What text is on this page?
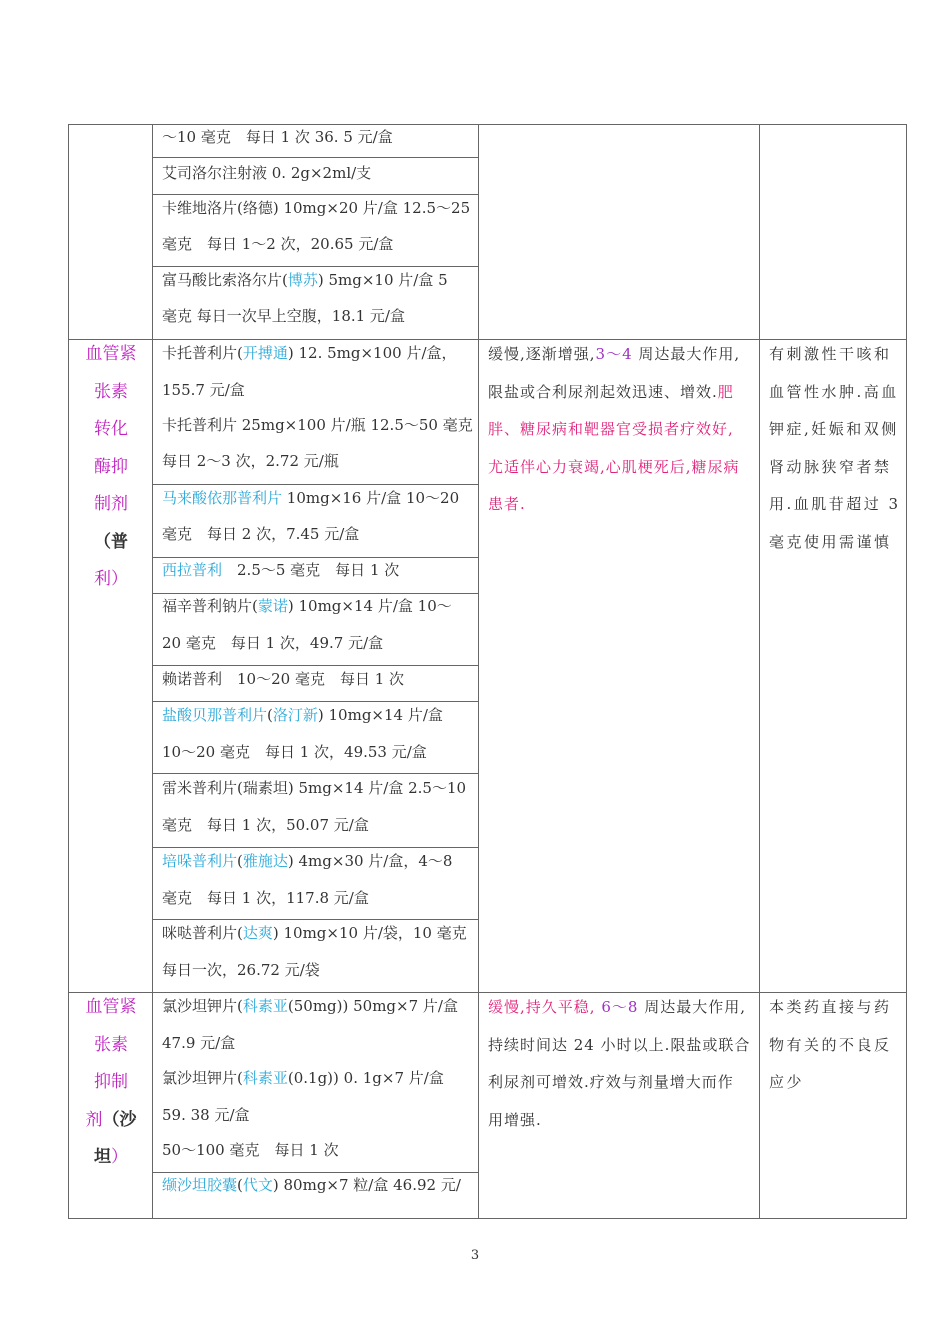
～10 毫克　每日 1 次 36. 5 元/盒
艾司洛尔注射液 0. 2g×2ml/支
卡维地洛片(络德) 10mg×20 片/盒 12.5～25
毫克　每日 1～2 次，20.65 元/盒
富马酸比索洛尔片(博苏) 5mg×10 片/盒 5
毫克 每日一次早上空腹，18.1 元/盒
血管紧
张素
转化
酶抑
制剂
（普
利）
卡托普利片(开搏通) 12. 5mg×100 片/盒，
155.7 元/盒
卡托普利片 25mg×100 片/瓶 12.5～50 毫克
每日 2～3 次，2.72 元/瓶
马来酸依那普利片 10mg×16 片/盒 10～20
毫克　每日 2 次，7.45 元/盒
西拉普利　2.5～5 毫克　每日 1 次
福辛普利钠片(蒙诺) 10mg×14 片/盒 10～
20 毫克　每日 1 次，49.7 元/盒
赖诺普利　10～20 毫克　每日 1 次
盐酸贝那普利片(洛汀新) 10mg×14 片/盒
10～20 毫克　每日 1 次，49.53 元/盒
雷米普利片(瑞素坦) 5mg×14 片/盒 2.5～10
毫克　每日 1 次，50.07 元/盒
培哚普利片(雅施达) 4mg×30 片/盒，4～8
毫克　每日 1 次，117.8 元/盒
咪哒普利片(达爽) 10mg×10 片/袋，10 毫克
每日一次，26.72 元/袋
缓慢,逐渐增强,3～4 周达最大作用,
限盐或合利尿剂起效迅速、增效.肥
胖、糖尿病和靶器官受损者疗效好,
尤适伴心力衰竭,心肌梗死后,糖尿病
患者.
有刺激性干咳和
血管性水肿.高血
钾症,妊娠和双侧
肾动脉狭窄者禁
用.血肌苷超过 3
毫克使用需谨慎
血管紧
张素
抑制
剂（沙
坦）
氯沙坦钾片(科素亚(50mg)) 50mg×7 片/盒
47.9 元/盒
氯沙坦钾片(科素亚(0.1g)) 0. 1g×7 片/盒
59. 38 元/盒
50～100 毫克　每日 1 次
缬沙坦胶囊(代文) 80mg×7 粒/盒 46.92 元/
缓慢,持久平稳, 6～8 周达最大作用,
持续时间达 24 小时以上.限盐或联合
利尿剂可增效.疗效与剂量增大而作
用增强.
本类药直接与药
物有关的不良反
应少
3
